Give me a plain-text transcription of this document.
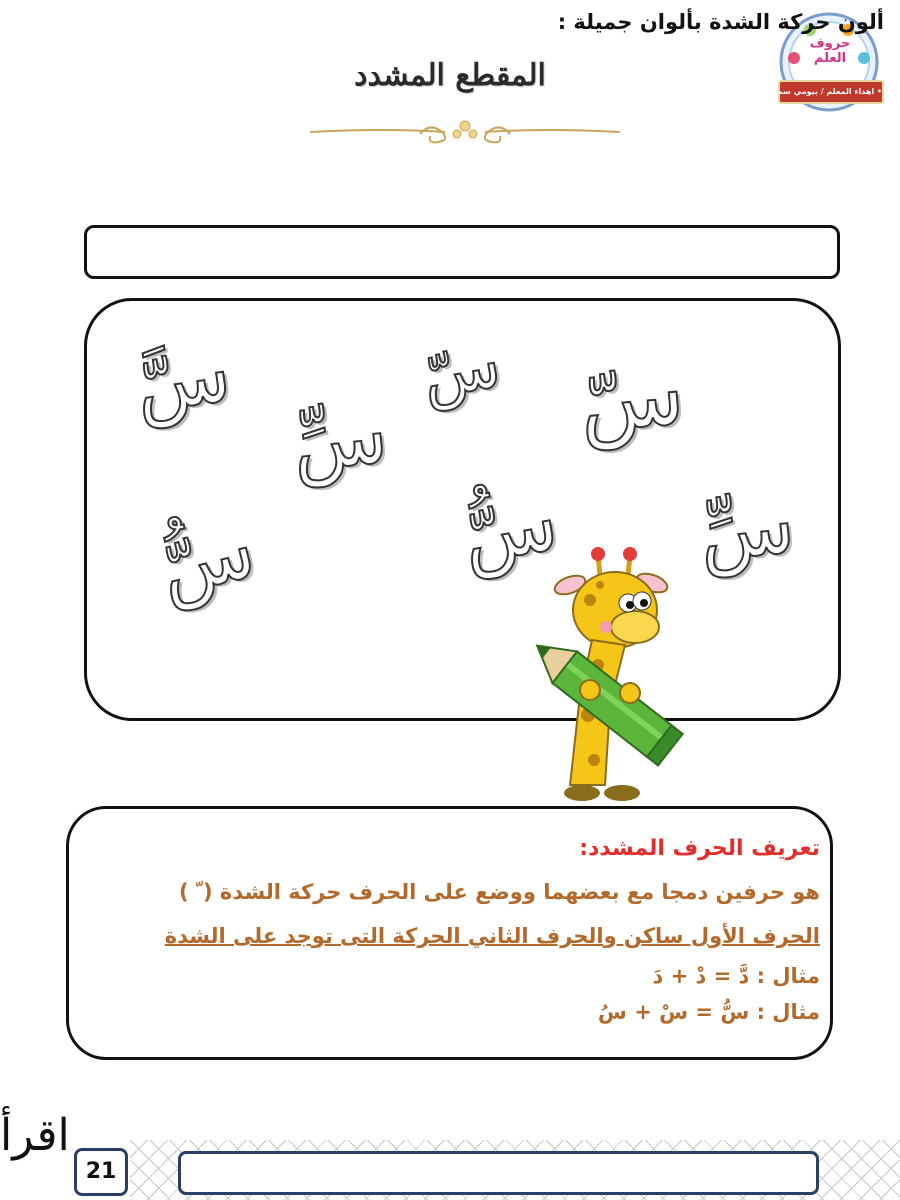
المقطع المشدد
حروف العلم
• اهداء المعلم / بيومي سمير •
ألون حركة الشدة بألوان جميلة :
سَّ
سِّ
سّ سّ
سُّ سُّ سِّ
تعريف الحرف المشدد:
هو حرفين دمجا مع بعضهما ووضع على الحرف حركة الشدة ( ّ )
الحرف الأول ساكن والحرف الثاني الحركة التى توجد على الشدة
مثال : دَّ = دْ + دَ
مثال : سُّ = سْ + سُ
21
اقرأ
